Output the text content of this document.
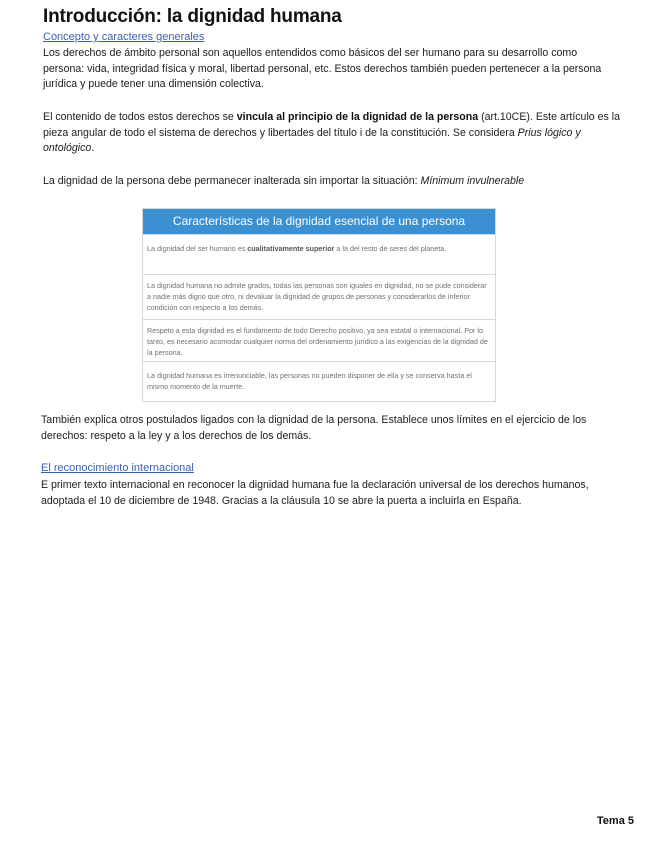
Introducción: la dignidad humana
Concepto y caracteres generales
Los derechos de ámbito personal son aquellos entendidos como básicos del ser humano para su desarrollo como persona: vida, integridad física y moral, libertad personal, etc. Estos derechos también pueden pertenecer a la persona jurídica y puede tener una dimensión colectiva.
El contenido de todos estos derechos se vincula al principio de la dignidad de la persona (art.10CE). Este artículo es la pieza angular de todo el sistema de derechos y libertades del título i de la constitución. Se considera Prius lógico y ontológico.
La dignidad de la persona debe permanecer inalterada sin importar la situación: Mínimum invulnerable
Características de la dignidad esencial de una persona
La dignidad del ser humano es cualitativamente superior a la del resto de seres del planeta.
La dignidad humana no admite grados, todas las personas son iguales en dignidad, no se pude considerar a nadie más digno que otro, ni devaluar la dignidad de grupos de personas y considerarlos de inferior condición con respecto a los demás.
Respeto a esta dignidad es el fundamento de todo Derecho positivo, ya sea estatal o internacional. Por lo tanto, es necesario acomodar cualquier norma del ordenamiento jurídico a las exigencias de la dignidad de la persona.
La dignidad humana es irrenunciable, las personas no pueden disponer de ella y se conserva hasta el mismo momento de la muerte.
También explica otros postulados ligados con la dignidad de la persona. Establece unos límites en el ejercicio de los derechos: respeto a la ley y a los derechos de los demás.
El reconocimiento internacional
E primer texto internacional en reconocer la dignidad humana fue la declaración universal de los derechos humanos, adoptada el 10 de diciembre de 1948. Gracias a la cláusula 10 se abre la puerta a incluirla en España.
Tema 5
